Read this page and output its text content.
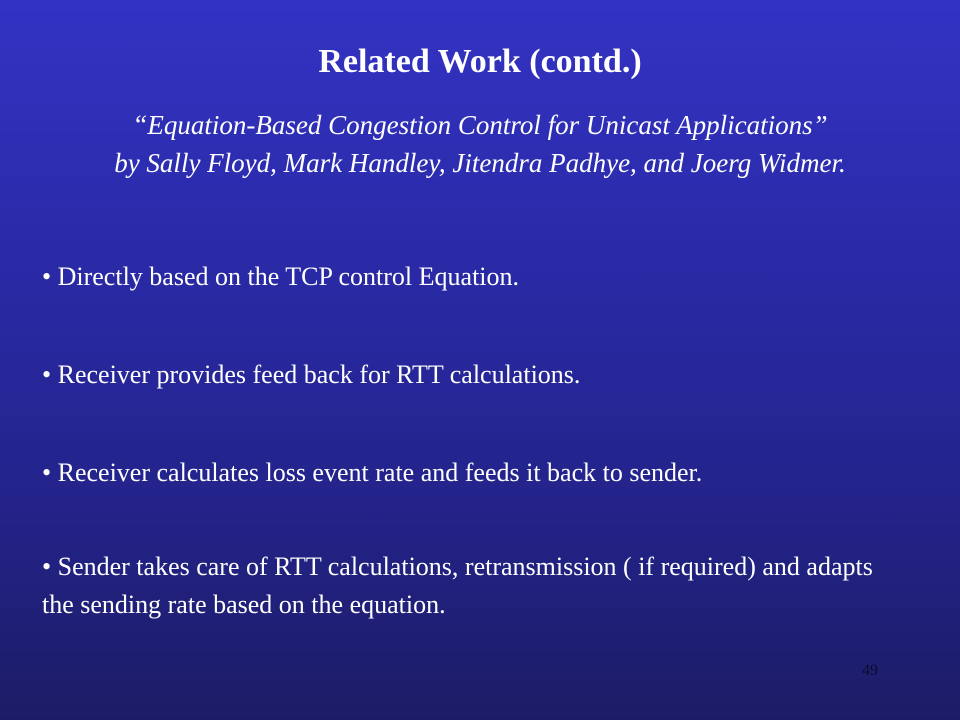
Related Work (contd.)
“Equation-Based Congestion Control for Unicast Applications”
by Sally Floyd, Mark Handley, Jitendra Padhye, and Joerg Widmer.

• Directly based on the TCP control Equation.

• Receiver provides feed back for RTT calculations.

• Receiver calculates loss event rate and feeds it back to sender.

• Sender takes care of RTT calculations, retransmission ( if required) and adapts the sending rate based on the equation.

49
